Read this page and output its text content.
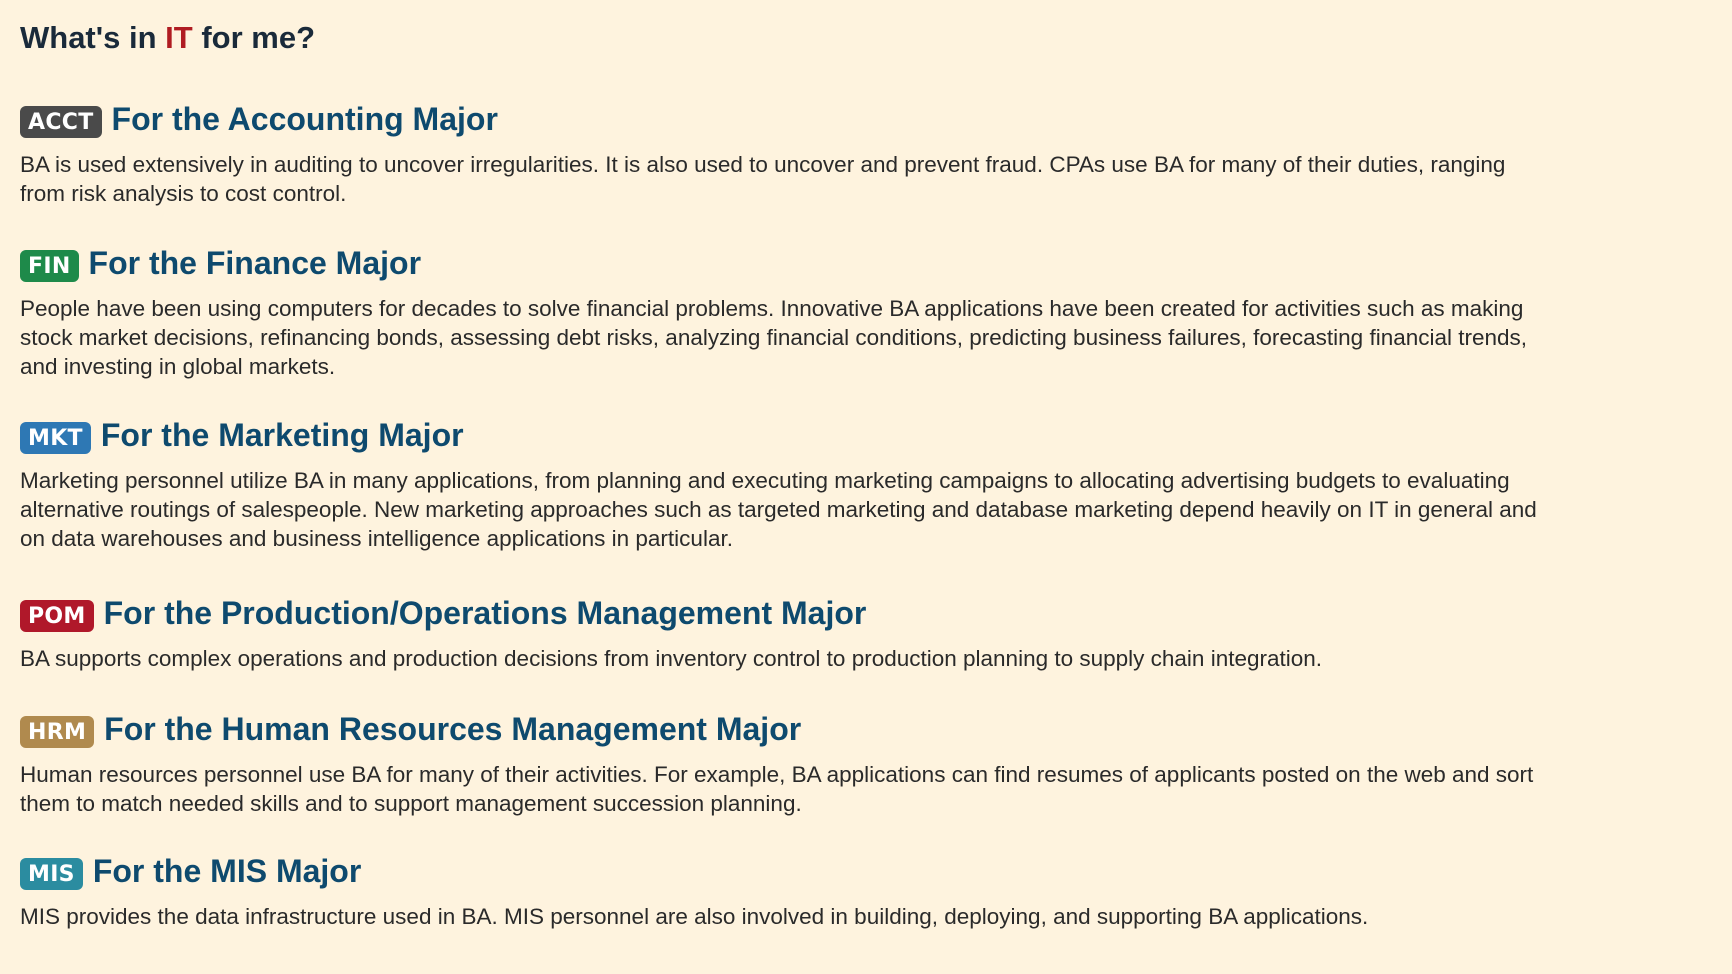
What's in IT for me?
ACCT For the Accounting Major

BA is used extensively in auditing to uncover irregularities. It is also used to uncover and prevent fraud. CPAs use BA for many of their duties, ranging from risk analysis to cost control.

FIN For the Finance Major

People have been using computers for decades to solve financial problems. Innovative BA applications have been created for activities such as making stock market decisions, refinancing bonds, assessing debt risks, analyzing financial conditions, predicting business failures, forecasting financial trends, and investing in global markets.

MKT For the Marketing Major

Marketing personnel utilize BA in many applications, from planning and executing marketing campaigns to allocating advertising budgets to evaluating alternative routings of salespeople. New marketing approaches such as targeted marketing and database marketing depend heavily on IT in general and on data warehouses and business intelligence applications in particular.

POM For the Production/Operations Management Major

BA supports complex operations and production decisions from inventory control to production planning to supply chain integration.

HRM For the Human Resources Management Major

Human resources personnel use BA for many of their activities. For example, BA applications can find resumes of applicants posted on the web and sort them to match needed skills and to support management succession planning.

MIS For the MIS Major

MIS provides the data infrastructure used in BA. MIS personnel are also involved in building, deploying, and supporting BA applications.
